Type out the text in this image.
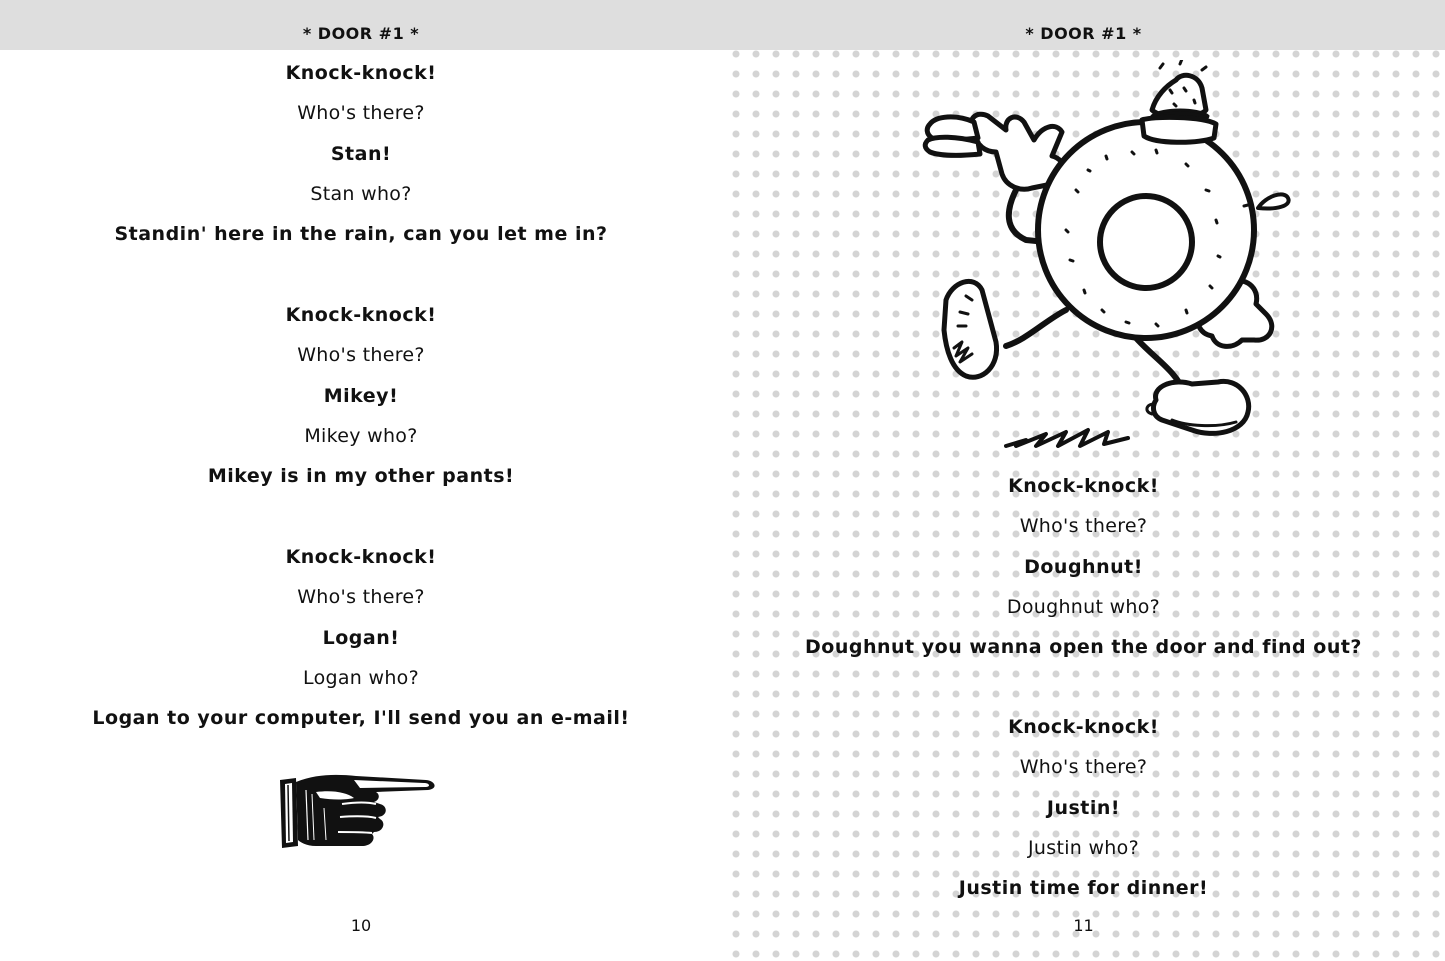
* DOOR #1 *
Knock-knock!
Who's there?
Stan!
Stan who?
Standin' here in the rain, can you let me in?
Knock-knock!
Who's there?
Mikey!
Mikey who?
Mikey is in my other pants!
Knock-knock!
Who's there?
Logan!
Logan who?
Logan to your computer, I'll send you an e-mail!
10
* DOOR #1 *
Knock-knock!
Who's there?
Doughnut!
Doughnut who?
Doughnut you wanna open the door and find out?
Knock-knock!
Who's there?
Justin!
Justin who?
Justin time for dinner!
11
